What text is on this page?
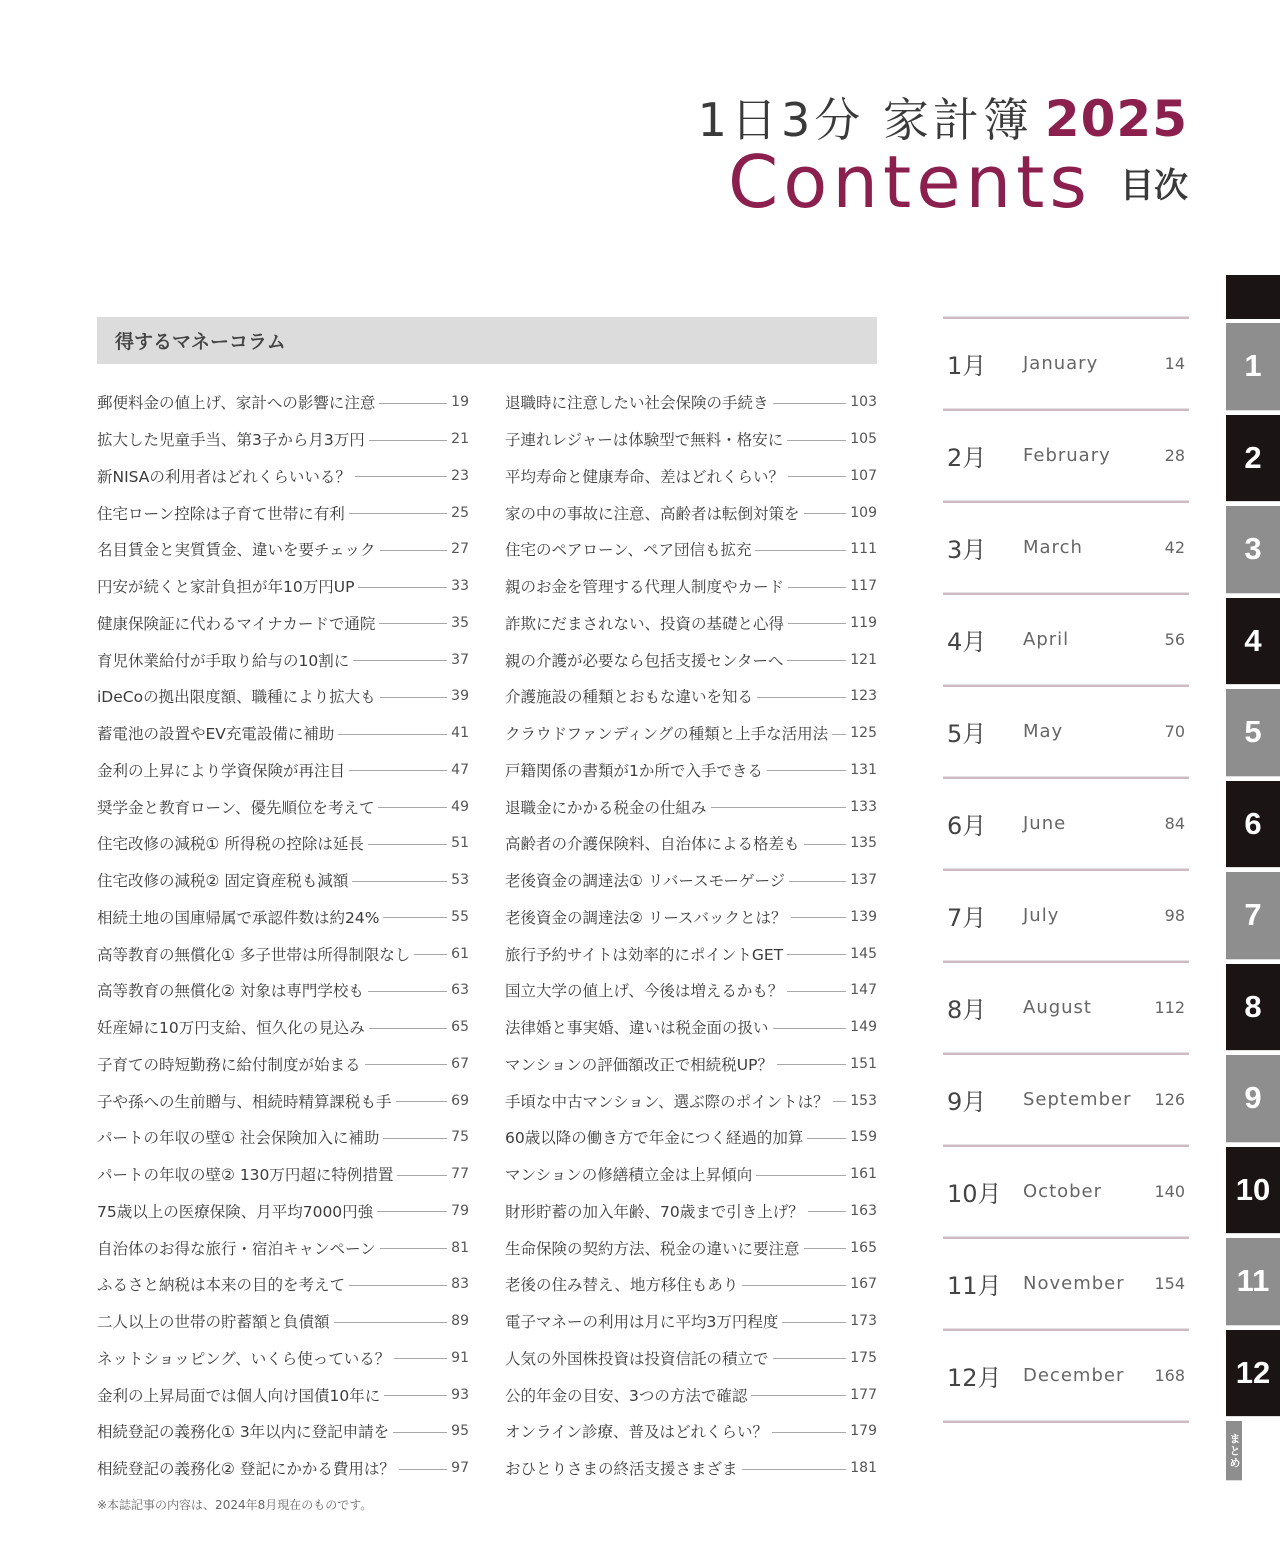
1日3分 家計簿 2025
Contents 目次
得するマネーコラム
郵便料金の値上げ、家計への影響に注意	19
拡大した児童手当、第3子から月3万円	21
新NISAの利用者はどれくらいいる？	23
住宅ローン控除は子育て世帯に有利	25
名目賃金と実質賃金、違いを要チェック	27
円安が続くと家計負担が年10万円UP	33
健康保険証に代わるマイナカードで通院	35
育児休業給付が手取り給与の10割に	37
iDeCoの拠出限度額、職種により拡大も	39
蓄電池の設置やEV充電設備に補助	41
金利の上昇により学資保険が再注目	47
奨学金と教育ローン、優先順位を考えて	49
住宅改修の減税① 所得税の控除は延長	51
住宅改修の減税② 固定資産税も減額	53
相続土地の国庫帰属で承認件数は約24%	55
高等教育の無償化① 多子世帯は所得制限なし	61
高等教育の無償化② 対象は専門学校も	63
妊産婦に10万円支給、恒久化の見込み	65
子育ての時短勤務に給付制度が始まる	67
子や孫への生前贈与、相続時精算課税も手	69
パートの年収の壁① 社会保険加入に補助	75
パートの年収の壁② 130万円超に特例措置	77
75歳以上の医療保険、月平均7000円強	79
自治体のお得な旅行・宿泊キャンペーン	81
ふるさと納税は本来の目的を考えて	83
二人以上の世帯の貯蓄額と負債額	89
ネットショッピング、いくら使っている？	91
金利の上昇局面では個人向け国債10年に	93
相続登記の義務化① 3年以内に登記申請を	95
相続登記の義務化② 登記にかかる費用は？	97
退職時に注意したい社会保険の手続き	103
子連れレジャーは体験型で無料・格安に	105
平均寿命と健康寿命、差はどれくらい？	107
家の中の事故に注意、高齢者は転倒対策を	109
住宅のペアローン、ペア団信も拡充	111
親のお金を管理する代理人制度やカード	117
詐欺にだまされない、投資の基礎と心得	119
親の介護が必要なら包括支援センターへ	121
介護施設の種類とおもな違いを知る	123
クラウドファンディングの種類と上手な活用法 125
戸籍関係の書類が1か所で入手できる	131
退職金にかかる税金の仕組み	133
高齢者の介護保険料、自治体による格差も	135
老後資金の調達法① リバースモーゲージ	137
老後資金の調達法② リースバックとは？	139
旅行予約サイトは効率的にポイントGET	145
国立大学の値上げ、今後は増えるかも？	147
法律婚と事実婚、違いは税金面の扱い	149
マンションの評価額改正で相続税UP？	151
手頃な中古マンション、選ぶ際のポイントは？ 153
60歳以降の働き方で年金につく経過的加算	159
マンションの修繕積立金は上昇傾向	161
財形貯蓄の加入年齢、70歳まで引き上げ？	163
生命保険の契約方法、税金の違いに要注意	165
老後の住み替え、地方移住もあり	167
電子マネーの利用は月に平均3万円程度	173
人気の外国株投資は投資信託の積立で	175
公的年金の目安、3つの方法で確認	177
オンライン診療、普及はどれくらい？	179
おひとりさまの終活支援さまざま	181
※本誌記事の内容は、2024年8月現在のものです。
1月	January	14
2月	February	28
3月	March	42
4月	April	56
5月	May	70
6月	June	84
7月	July	98
8月	August	112
9月	September	126
10月	October	140
11月	November	154
12月	December	168
1
2
3
4
5
6
7
8
9
10
11
12
まとめ
